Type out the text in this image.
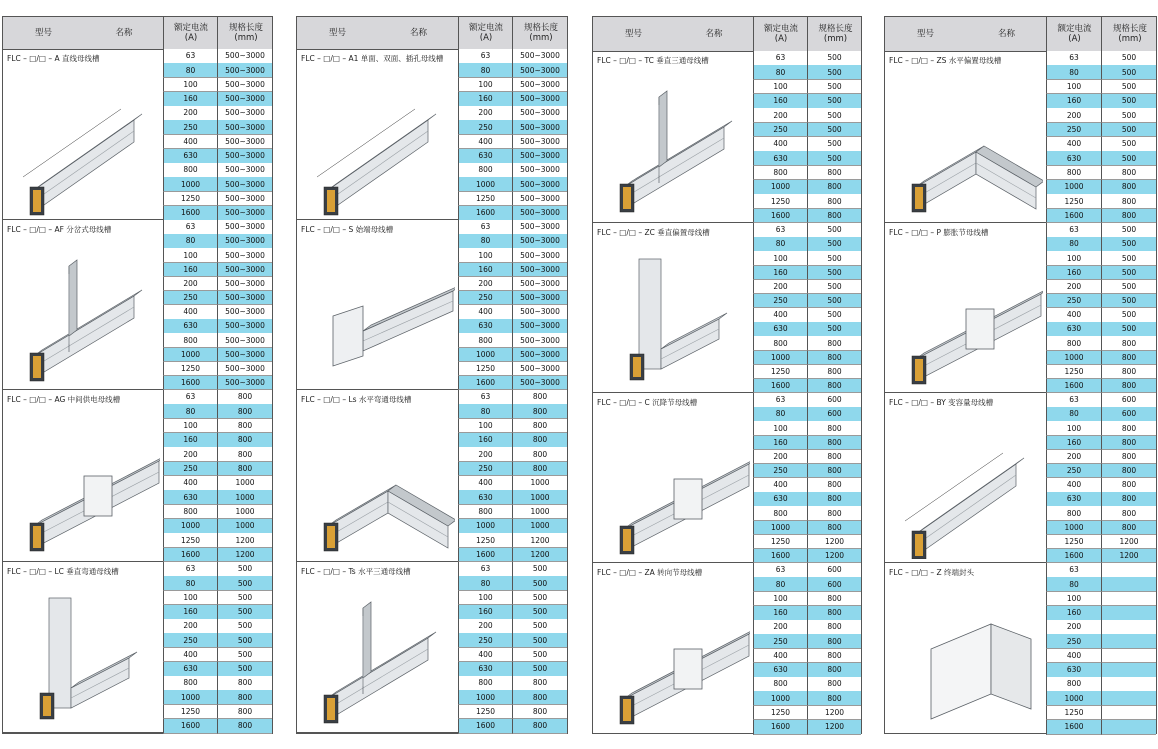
型号	名称	额定电流
(A)
规格长度
(mm)
FLC – □/□ – A 直线母线槽	63	500~3000
80	500~3000
100	500~3000
160	500~3000
200	500~3000
250	500~3000
400	500~3000
630	500~3000
800	500~3000
1000	500~3000
1250	500~3000
1600	500~3000
FLC – □/□ – AF 分岔式母线槽	63	500~3000
80	500~3000
100	500~3000
160	500~3000
200	500~3000
250	500~3000
400	500~3000
630	500~3000
800	500~3000
1000	500~3000
1250	500~3000
1600	500~3000
FLC – □/□ – AG 中间供电母线槽	63	800
80	800
100	800
160	800
200	800
250	800
400	1000
630	1000
800	1000
1000	1000
1250	1200
1600	1200
FLC – □/□ – LC 垂直弯通母线槽	63	500
80	500
100	500
160	500
200	500
250	500
400	500
630	500
800	800
1000	800
1250	800
1600	800
型号	名称	额定电流
(A)
规格长度
(mm)
FLC – □/□ – A1 单面、双面、插孔母线槽	63	500~3000
80	500~3000
100	500~3000
160	500~3000
200	500~3000
250	500~3000
400	500~3000
630	500~3000
800	500~3000
1000	500~3000
1250	500~3000
1600	500~3000
FLC – □/□ – S 始端母线槽	63	500~3000
80	500~3000
100	500~3000
160	500~3000
200	500~3000
250	500~3000
400	500~3000
630	500~3000
800	500~3000
1000	500~3000
1250	500~3000
1600	500~3000
FLC – □/□ – Ls 水平弯通母线槽	63	800
80	800
100	800
160	800
200	800
250	800
400	1000
630	1000
800	1000
1000	1000
1250	1200
1600	1200
FLC – □/□ – Ts 水平三通母线槽	63	500
80	500
100	500
160	500
200	500
250	500
400	500
630	500
800	800
1000	800
1250	800
1600	800
型号	名称	额定电流
(A)
规格长度
(mm)
FLC – □/□ – TC 垂直三通母线槽	63	500
80	500
100	500
160	500
200	500
250	500
400	500
630	500
800	800
1000	800
1250	800
1600	800
FLC – □/□ – ZC 垂直偏置母线槽	63	500
80	500
100	500
160	500
200	500
250	500
400	500
630	500
800	800
1000	800
1250	800
1600	800
FLC – □/□ – C 沉降节母线槽	63	600
80	600
100	800
160	800
200	800
250	800
400	800
630	800
800	800
1000	800
1250	1200
1600	1200
FLC – □/□ – ZA 转向节母线槽	63	600
80	600
100	800
160	800
200	800
250	800
400	800
630	800
800	800
1000	800
1250	1200
1600	1200
型号	名称	额定电流
(A)
规格长度
(mm)
FLC – □/□ – ZS 水平偏置母线槽	63	500
80	500
100	500
160	500
200	500
250	500
400	500
630	500
800	800
1000	800
1250	800
1600	800
FLC – □/□ – P 膨胀节母线槽	63	500
80	500
100	500
160	500
200	500
250	500
400	500
630	500
800	800
1000	800
1250	800
1600	800
FLC – □/□ – BY 变容量母线槽	63	600
80	600
100	800
160	800
200	800
250	800
400	800
630	800
800	800
1000	800
1250	1200
1600	1200
FLC – □/□ – Z 终端封头	63
80
100
160
200
250
400
630
800
1000
1250
1600
